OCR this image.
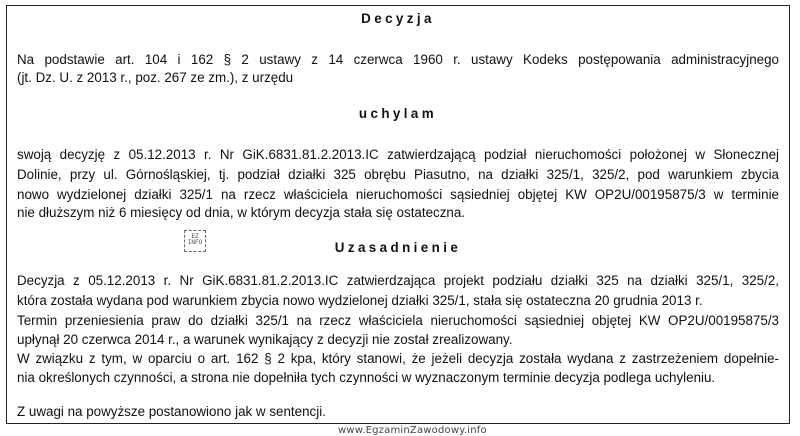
Decyzja
Na podstawie art. 104 i 162 § 2 ustawy z 14 czerwca 1960 r. ustawy Kodeks postępowania administracyjnego
(jt. Dz. U. z 2013 r., poz. 267 ze zm.), z urzędu
uchylam
swoją decyzję z 05.12.2013 r. Nr GiK.6831.81.2.2013.IC zatwierdzającą podział nieruchomości położonej w Słonecznej
Dolinie, przy ul. Górnośląskiej, tj. podział działki 325 obrębu Piasutno, na działki 325/1, 325/2, pod warunkiem zbycia
nowo wydzielonej działki 325/1 na rzecz właściciela nieruchomości sąsiedniej objętej KW OP2U/00195875/3 w terminie
nie dłuższym niż 6 miesięcy od dnia, w którym decyzja stała się ostateczna.
EZ INFO	Uzasadnienie
Decyzja z 05.12.2013 r. Nr GiK.6831.81.2.2013.IC zatwierdzająca projekt podziału działki 325 na działki 325/1, 325/2,
która została wydana pod warunkiem zbycia nowo wydzielonej działki 325/1, stała się ostateczna 20 grudnia 2013 r.
Termin przeniesienia praw do działki 325/1 na rzecz właściciela nieruchomości sąsiedniej objętej KW OP2U/00195875/3
upłynął 20 czerwca 2014 r., a warunek wynikający z decyzji nie został zrealizowany.
W związku z tym, w oparciu o art. 162 § 2 kpa, który stanowi, że jeżeli decyzja została wydana z zastrzeżeniem dopełnie-
nia określonych czynności, a strona nie dopełniła tych czynności w wyznaczonym terminie decyzja podlega uchyleniu.
Z uwagi na powyższe postanowiono jak w sentencji.
www.EgzaminZawodowy.info
